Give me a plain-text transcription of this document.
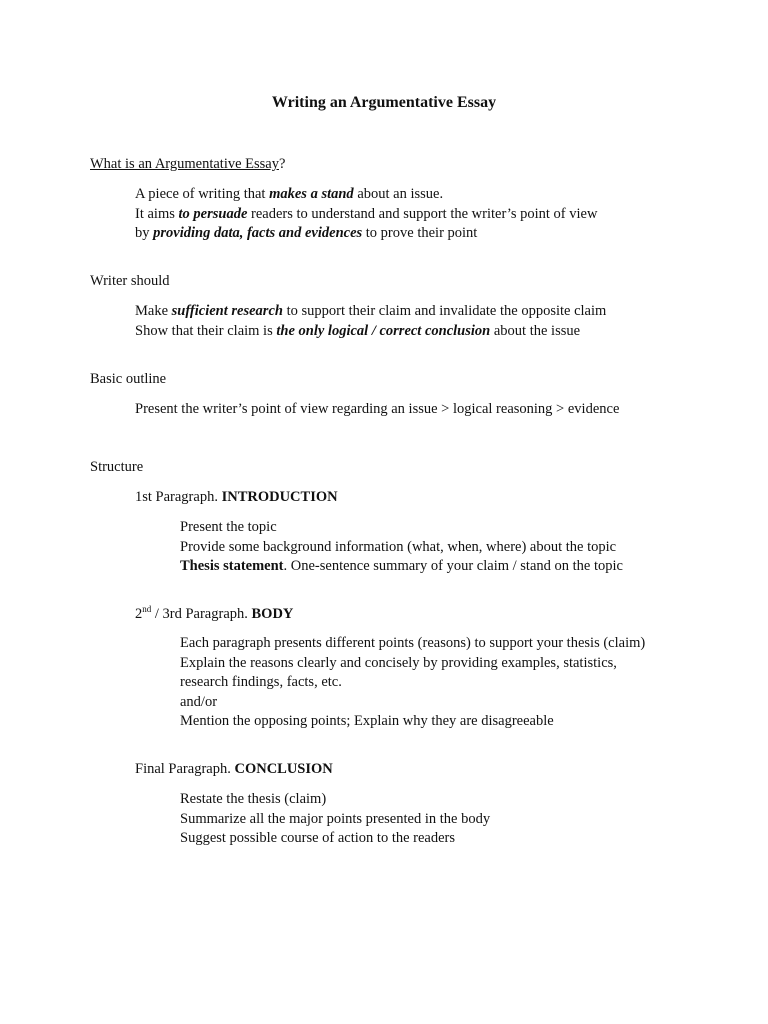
Writing an Argumentative Essay

What is an Argumentative Essay?

A piece of writing that makes a stand about an issue.
It aims to persuade readers to understand and support the writer’s point of view
by providing data, facts and evidences to prove their point

Writer should

Make sufficient research to support their claim and invalidate the opposite claim
Show that their claim is the only logical / correct conclusion about the issue

Basic outline

Present the writer’s point of view regarding an issue > logical reasoning > evidence

Structure

1st Paragraph. INTRODUCTION

Present the topic
Provide some background information (what, when, where) about the topic
Thesis statement. One-sentence summary of your claim / stand on the topic

2nd / 3rd Paragraph. BODY

Each paragraph presents different points (reasons) to support your thesis (claim)
Explain the reasons clearly and concisely by providing examples, statistics,
research findings, facts, etc.
and/or
Mention the opposing points; Explain why they are disagreeable

Final Paragraph. CONCLUSION

Restate the thesis (claim)
Summarize all the major points presented in the body
Suggest possible course of action to the readers
